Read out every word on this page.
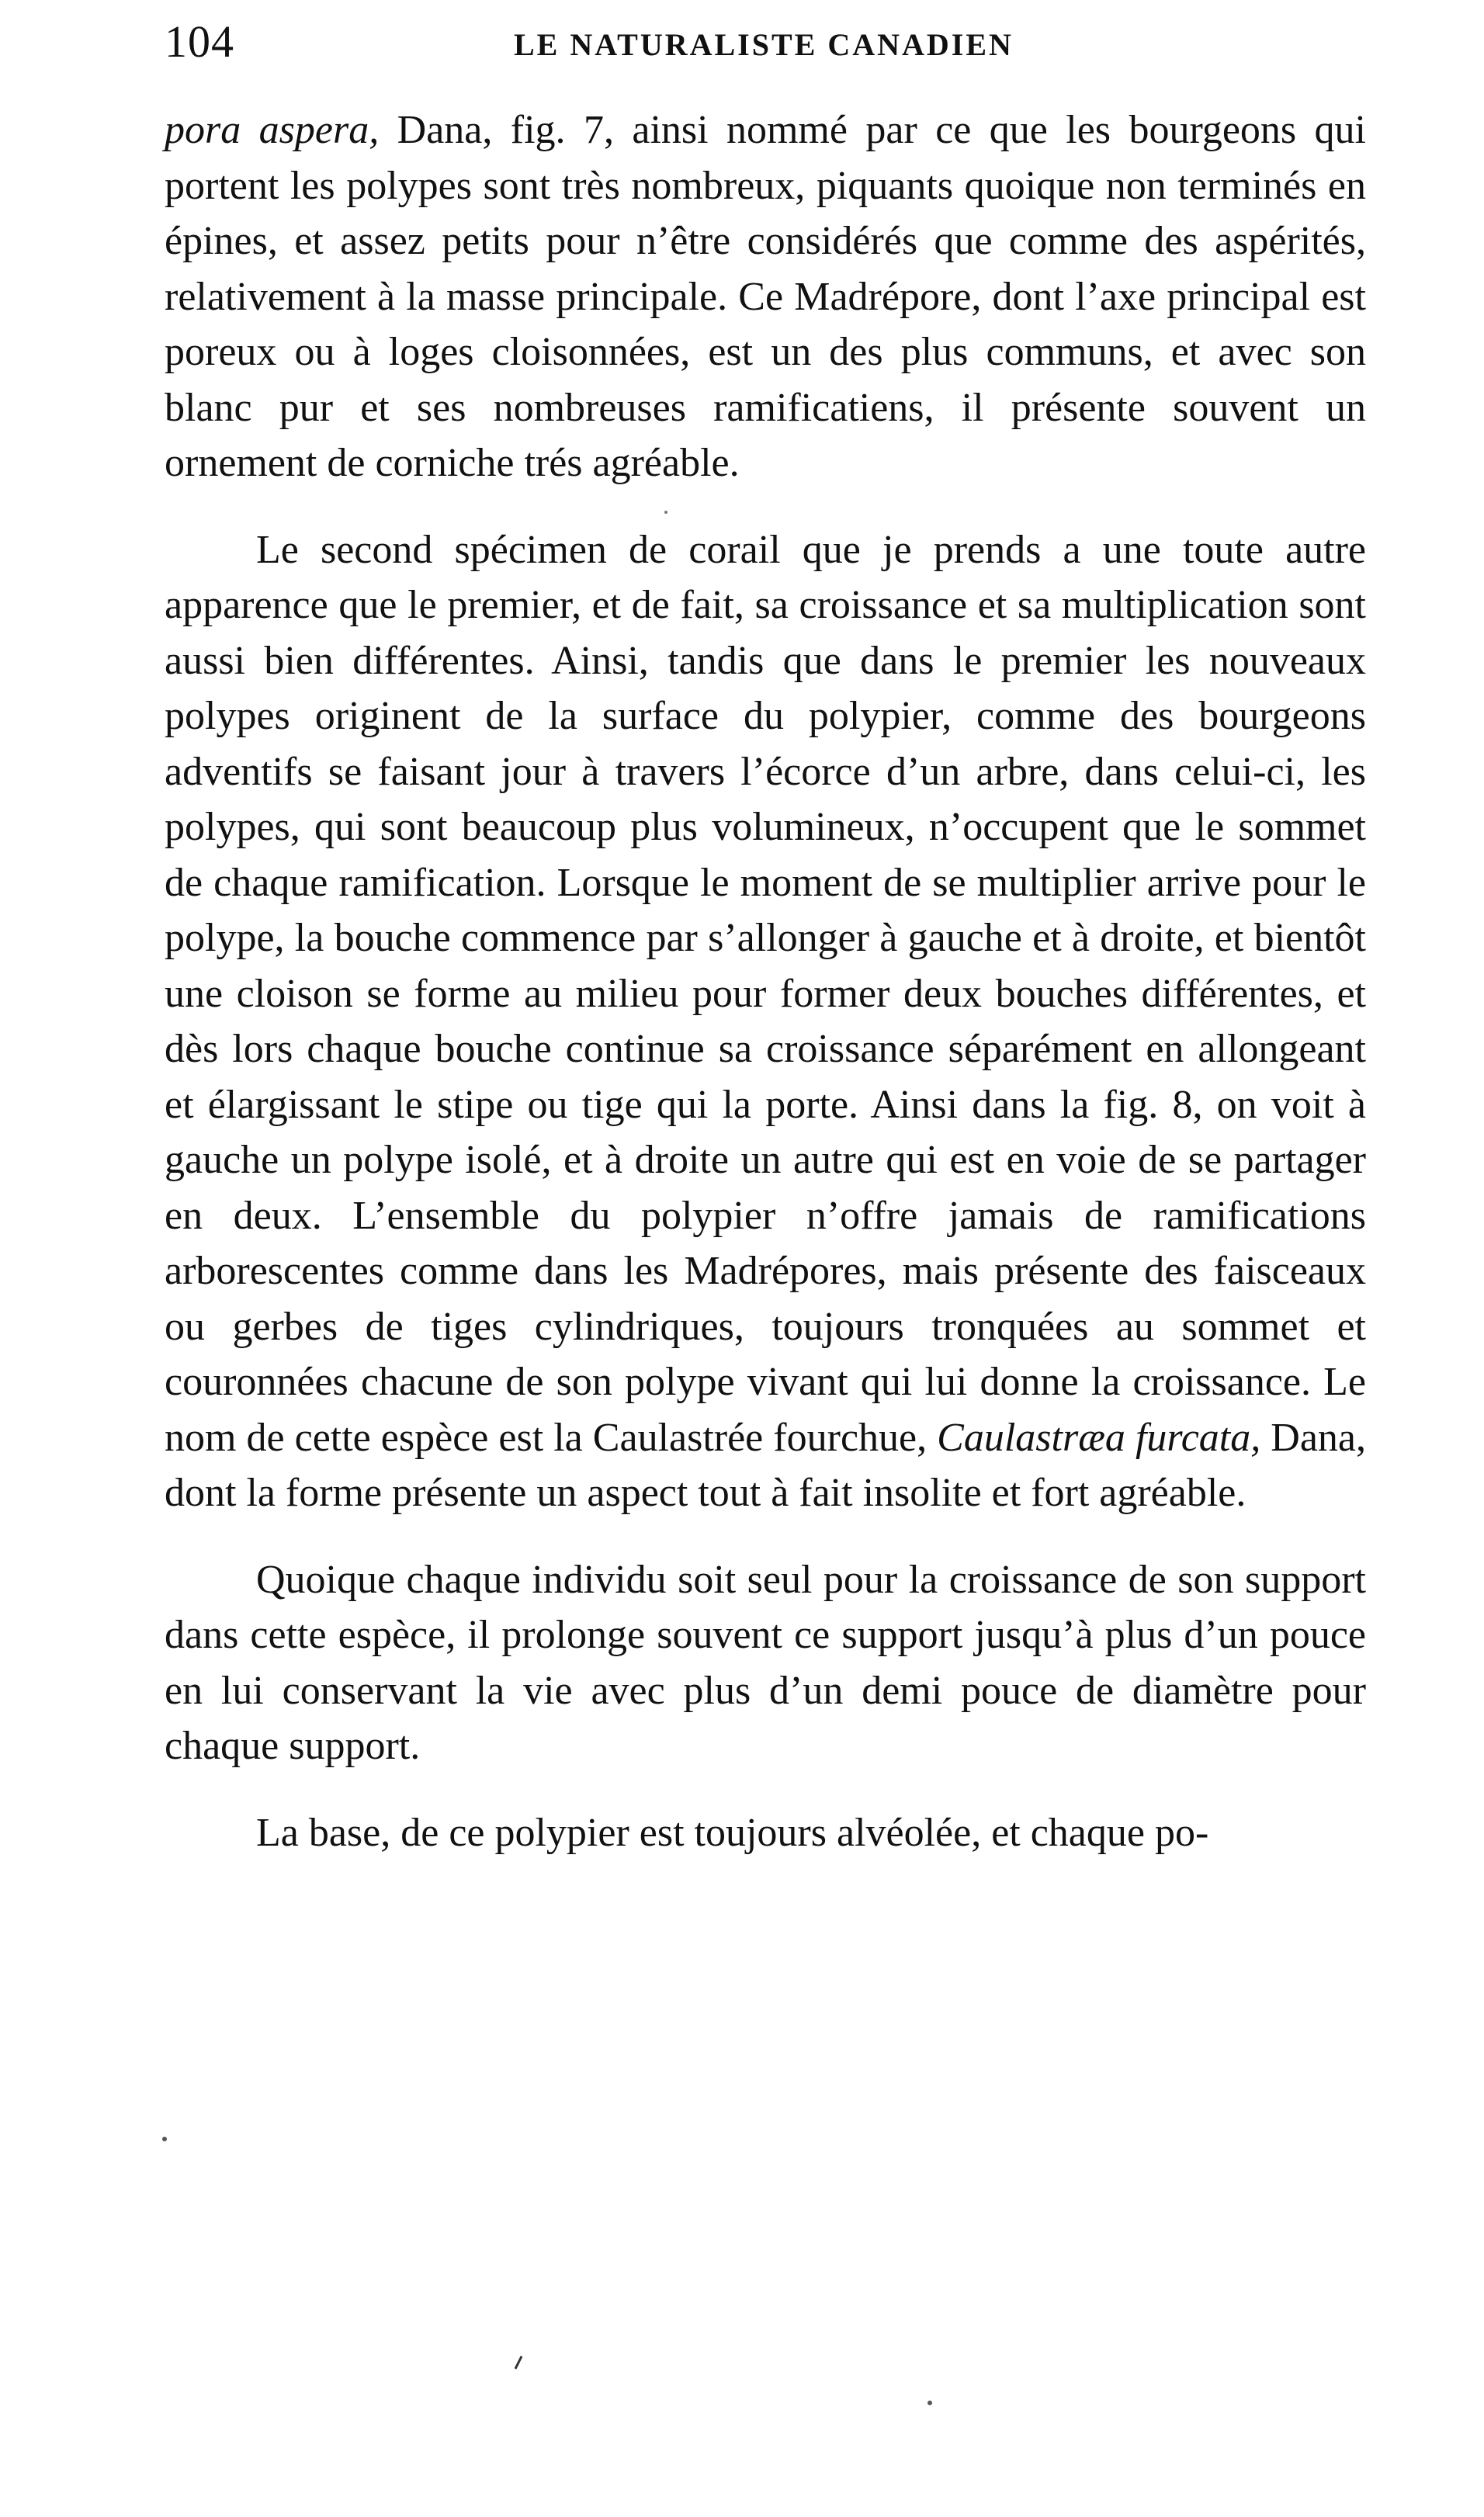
104	LE NATURALISTE CANADIEN

pora aspera, Dana, fig. 7, ainsi nommé par ce que les bourgeons qui portent les polypes sont très nombreux, piquants quoique non terminés en épines, et assez petits pour n’être considérés que comme des aspérités, relativement à la masse principale. Ce Madrépore, dont l’axe principal est poreux ou à loges cloisonnées, est un des plus communs, et avec son blanc pur et ses nombreuses ramificatiens, il présente souvent un ornement de corniche trés agréable.

Le second spécimen de corail que je prends a une toute autre apparence que le premier, et de fait, sa croissance et sa multiplication sont aussi bien différentes. Ainsi, tandis que dans le premier les nouveaux polypes originent de la surface du polypier, comme des bourgeons adventifs se faisant jour à travers l’écorce d’un arbre, dans celui-ci, les polypes, qui sont beaucoup plus volumineux, n’occupent que le sommet de chaque ramification. Lorsque le moment de se multiplier arrive pour le polype, la bouche commence par s’allonger à gauche et à droite, et bientôt une cloison se forme au milieu pour former deux bouches différentes, et dès lors chaque bouche continue sa croissance séparément en allongeant et élargissant le stipe ou tige qui la porte. Ainsi dans la fig. 8, on voit à gauche un polype isolé, et à droite un autre qui est en voie de se partager en deux. L’ensemble du polypier n’offre jamais de ramifications arborescentes comme dans les Madrépores, mais présente des faisceaux ou gerbes de tiges cylindriques, toujours tronquées au sommet et couronnées chacune de son polype vivant qui lui donne la croissance. Le nom de cette espèce est la Caulastrée fourchue, Caulastræa furcata, Dana, dont la forme présente un aspect tout à fait insolite et fort agréable.

Quoique chaque individu soit seul pour la croissance de son support dans cette espèce, il prolonge souvent ce support jusqu’à plus d’un pouce en lui conservant la vie avec plus d’un demi pouce de diamètre pour chaque support.

La base, de ce polypier est toujours alvéolée, et chaque po-
